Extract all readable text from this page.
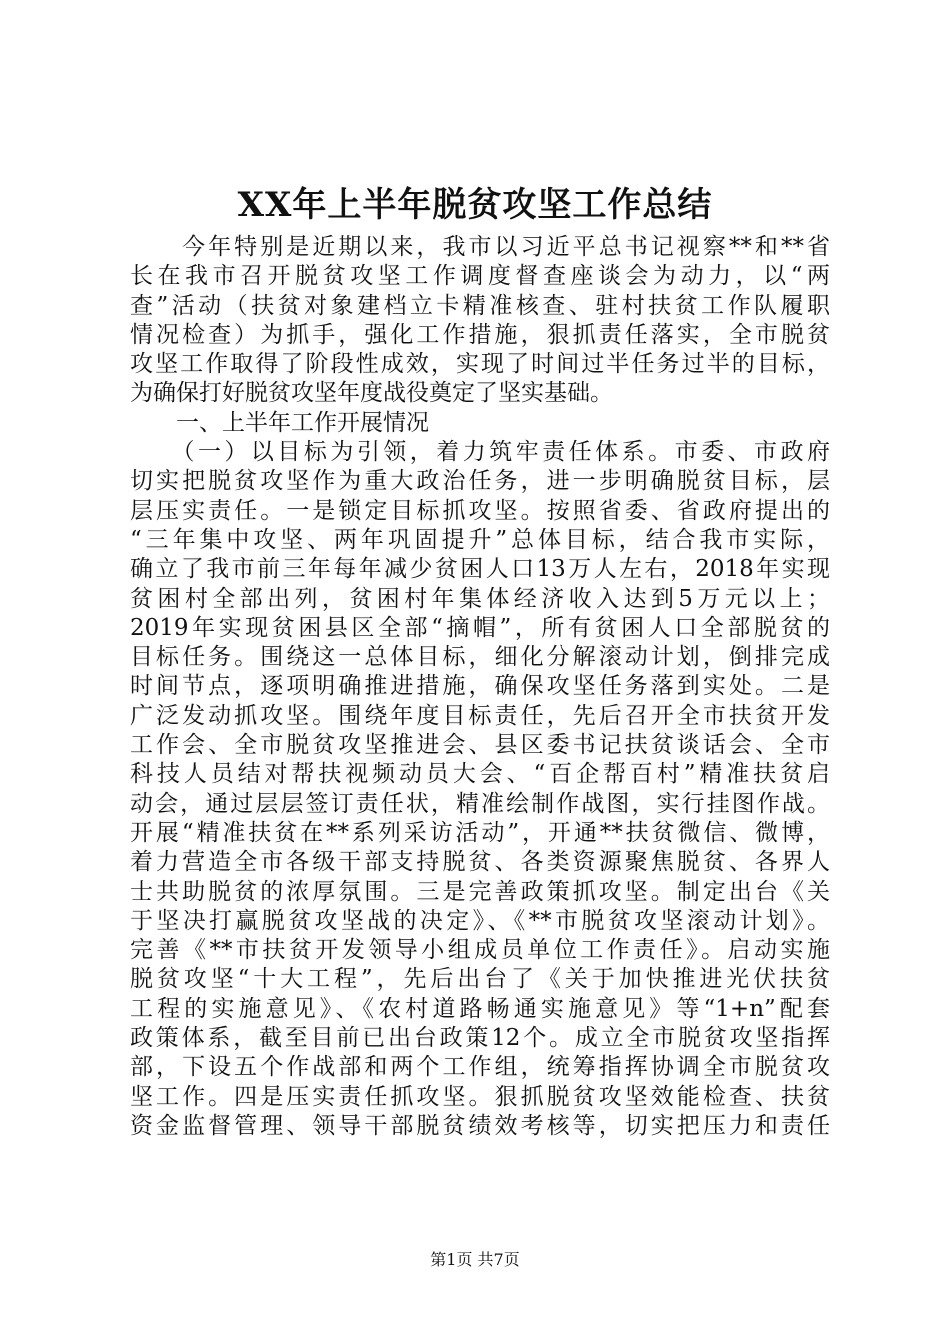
XX年上半年脱贫攻坚工作总结
　　今年特别是近期以来，我市以习近平总书记视察**和**省
长在我市召开脱贫攻坚工作调度督查座谈会为动力，以“两
查”活动（扶贫对象建档立卡精准核查、驻村扶贫工作队履职
情况检查）为抓手，强化工作措施，狠抓责任落实，全市脱贫
攻坚工作取得了阶段性成效，实现了时间过半任务过半的目标，
为确保打好脱贫攻坚年度战役奠定了坚实基础。
　　一、上半年工作开展情况
　　（一）以目标为引领，着力筑牢责任体系。市委、市政府
切实把脱贫攻坚作为重大政治任务，进一步明确脱贫目标，层
层压实责任。一是锁定目标抓攻坚。按照省委、省政府提出的
“三年集中攻坚、两年巩固提升”总体目标，结合我市实际，
确立了我市前三年每年减少贫困人口13万人左右，2018年实现
贫困村全部出列，贫困村年集体经济收入达到5万元以上；
2019年实现贫困县区全部“摘帽”，所有贫困人口全部脱贫的
目标任务。围绕这一总体目标，细化分解滚动计划，倒排完成
时间节点，逐项明确推进措施，确保攻坚任务落到实处。二是
广泛发动抓攻坚。围绕年度目标责任，先后召开全市扶贫开发
工作会、全市脱贫攻坚推进会、县区委书记扶贫谈话会、全市
科技人员结对帮扶视频动员大会、“百企帮百村”精准扶贫启
动会，通过层层签订责任状，精准绘制作战图，实行挂图作战。
开展“精准扶贫在**系列采访活动”，开通**扶贫微信、微博，
着力营造全市各级干部支持脱贫、各类资源聚焦脱贫、各界人
士共助脱贫的浓厚氛围。三是完善政策抓攻坚。制定出台《关
于坚决打赢脱贫攻坚战的决定》、《**市脱贫攻坚滚动计划》。
完善《**市扶贫开发领导小组成员单位工作责任》。启动实施
脱贫攻坚“十大工程”，先后出台了《关于加快推进光伏扶贫
工程的实施意见》、《农村道路畅通实施意见》等“1+n”配套
政策体系，截至目前已出台政策12个。成立全市脱贫攻坚指挥
部，下设五个作战部和两个工作组，统筹指挥协调全市脱贫攻
坚工作。四是压实责任抓攻坚。狠抓脱贫攻坚效能检查、扶贫
资金监督管理、领导干部脱贫绩效考核等，切实把压力和责任
第1页 共7页
